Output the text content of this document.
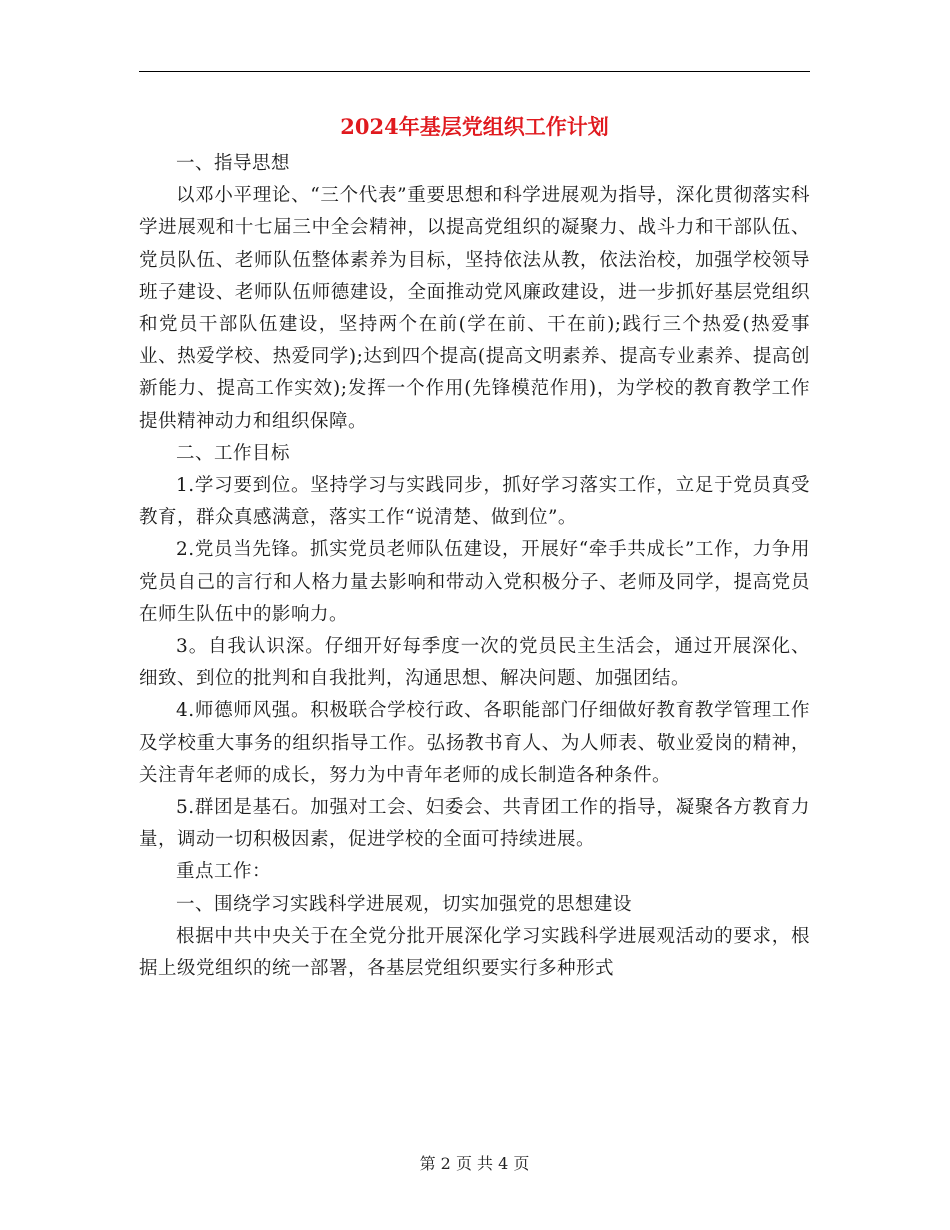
2024年基层党组织工作计划

一、指导思想

以邓小平理论、“三个代表”重要思想和科学进展观为指导，深化贯彻落实科学进展观和十七届三中全会精神，以提高党组织的凝聚力、战斗力和干部队伍、党员队伍、老师队伍整体素养为目标，坚持依法从教，依法治校，加强学校领导班子建设、老师队伍师德建设，全面推动党风廉政建设，进一步抓好基层党组织和党员干部队伍建设，坚持两个在前(学在前、干在前);践行三个热爱(热爱事业、热爱学校、热爱同学);达到四个提高(提高文明素养、提高专业素养、提高创新能力、提高工作实效);发挥一个作用(先锋模范作用)，为学校的教育教学工作提供精神动力和组织保障。

二、工作目标

1.学习要到位。坚持学习与实践同步，抓好学习落实工作，立足于党员真受教育，群众真感满意，落实工作“说清楚、做到位”。

2.党员当先锋。抓实党员老师队伍建设，开展好“牵手共成长”工作，力争用党员自己的言行和人格力量去影响和带动入党积极分子、老师及同学，提高党员在师生队伍中的影响力。

3。自我认识深。仔细开好每季度一次的党员民主生活会，通过开展深化、细致、到位的批判和自我批判，沟通思想、解决问题、加强团结。

4.师德师风强。积极联合学校行政、各职能部门仔细做好教育教学管理工作及学校重大事务的组织指导工作。弘扬教书育人、为人师表、敬业爱岗的精神，关注青年老师的成长，努力为中青年老师的成长制造各种条件。

5.群团是基石。加强对工会、妇委会、共青团工作的指导，凝聚各方教育力量，调动一切积极因素，促进学校的全面可持续进展。

重点工作：

一、围绕学习实践科学进展观，切实加强党的思想建设

根据中共中央关于在全党分批开展深化学习实践科学进展观活动的要求，根据上级党组织的统一部署，各基层党组织要实行多种形式

第 2 页 共 4 页
